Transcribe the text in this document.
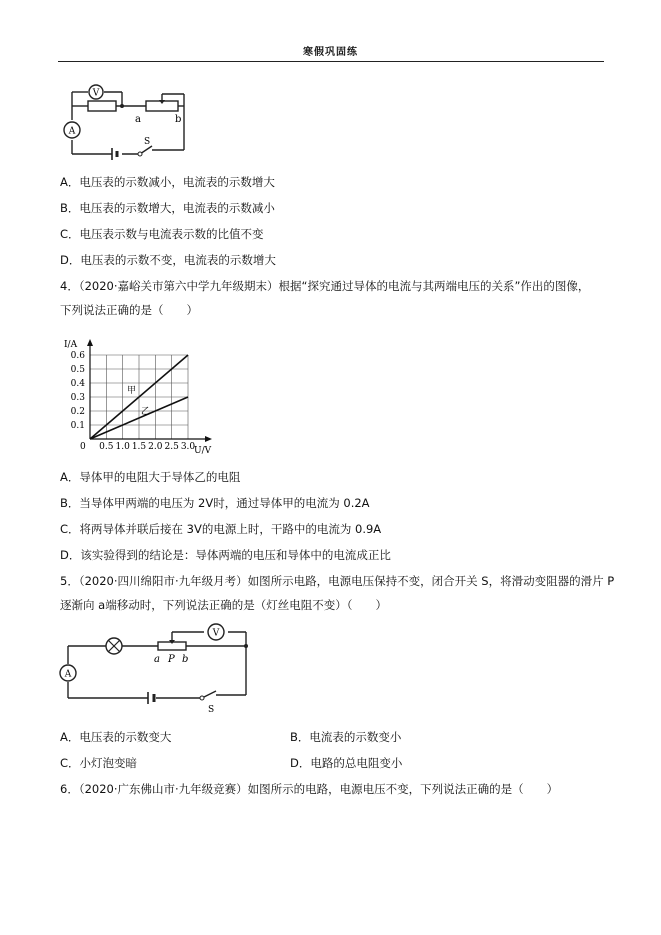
寒假巩固练
V
A
a	b
S
A．电压表的示数减小，电流表的示数增大
B．电压表的示数增大，电流表的示数减小
C．电压表示数与电流表示数的比值不变
D．电压表的示数不变，电流表的示数增大
4．（2020·嘉峪关市第六中学九年级期末）根据“探究通过导体的电流与其两端电压的关系”作出的图像，
下列说法正确的是（　　）
0.5 1.0 1.5 2.0 2.5 3.0
0.1
0.2
0.3
0.4
0.5
0.6
甲
乙
I/A
U/V
0
A．导体甲的电阻大于导体乙的电阻
B．当导体甲两端的电压为 2V时，通过导体甲的电流为 0.2A
C．将两导体并联后接在 3V的电源上时，干路中的电流为 0.9A
D．该实验得到的结论是：导体两端的电压和导体中的电流成正比
5．（2020·四川绵阳市·九年级月考）如图所示电路，电源电压保持不变，闭合开关 S，将滑动变阻器的滑片 P
逐渐向 a端移动时，下列说法正确的是（灯丝电阻不变）（　　）
V
A
a P b
S
A．电压表的示数变大	B．电流表的示数变小
C．小灯泡变暗	D．电路的总电阻变小
6．（2020·广东佛山市·九年级竞赛）如图所示的电路，电源电压不变，下列说法正确的是（　　）
